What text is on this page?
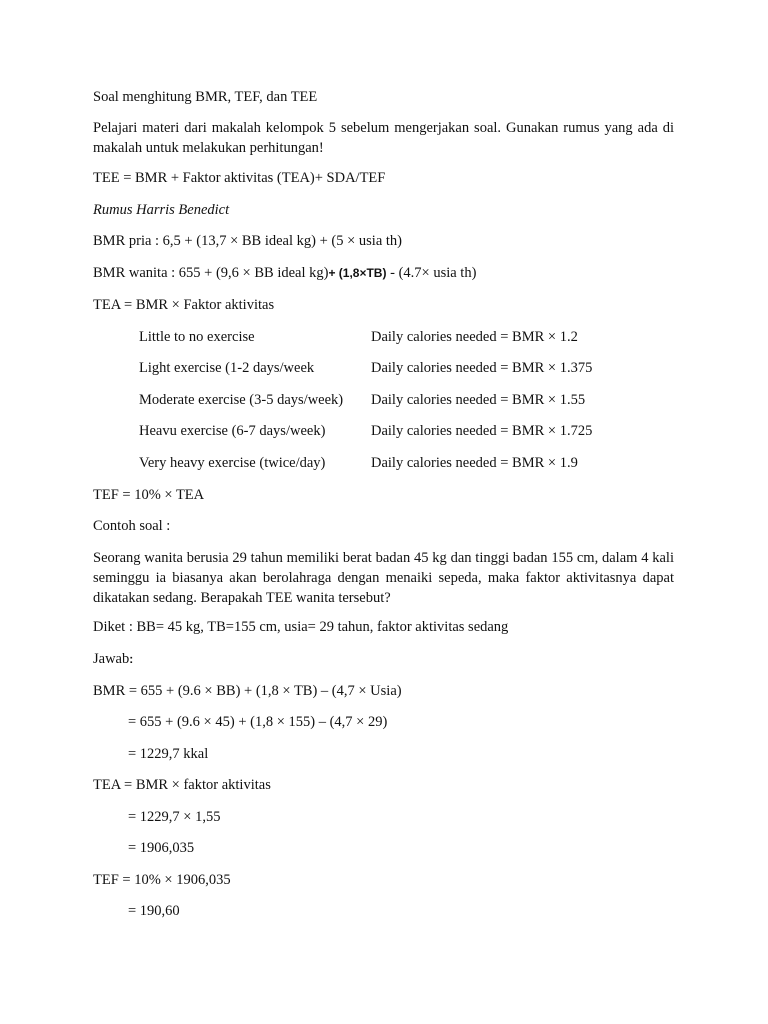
Soal menghitung BMR, TEF, dan TEE
Pelajari materi dari makalah kelompok 5 sebelum mengerjakan soal. Gunakan rumus yang ada di makalah untuk melakukan perhitungan!
TEE = BMR + Faktor aktivitas (TEA)+ SDA/TEF
Rumus Harris Benedict
BMR pria : 6,5 + (13,7 × BB ideal kg) + (5 × usia th)
BMR wanita : 655 + (9,6 × BB ideal kg)+ (1,8×TB) - (4.7× usia th)
TEA = BMR × Faktor aktivitas
Little to no exercise	Daily calories needed = BMR × 1.2
Light exercise (1-2 days/week	Daily calories needed = BMR × 1.375
Moderate exercise (3-5 days/week) Daily calories needed = BMR × 1.55
Heavu exercise (6-7 days/week)	Daily calories needed = BMR × 1.725
Very heavy exercise (twice/day)	Daily calories needed = BMR × 1.9
TEF = 10% × TEA
Contoh soal :
Seorang wanita berusia 29 tahun memiliki berat badan 45 kg dan tinggi badan 155 cm, dalam 4 kali seminggu ia biasanya akan berolahraga dengan menaiki sepeda, maka faktor aktivitasnya dapat dikatakan sedang. Berapakah TEE wanita tersebut?
Diket : BB= 45 kg, TB=155 cm, usia= 29 tahun, faktor aktivitas sedang
Jawab:
BMR = 655 + (9.6 × BB) + (1,8 × TB) – (4,7 × Usia)
= 655 + (9.6 × 45) + (1,8 × 155) – (4,7 × 29)
= 1229,7 kkal
TEA = BMR × faktor aktivitas
= 1229,7 × 1,55
= 1906,035
TEF = 10% × 1906,035
= 190,60
